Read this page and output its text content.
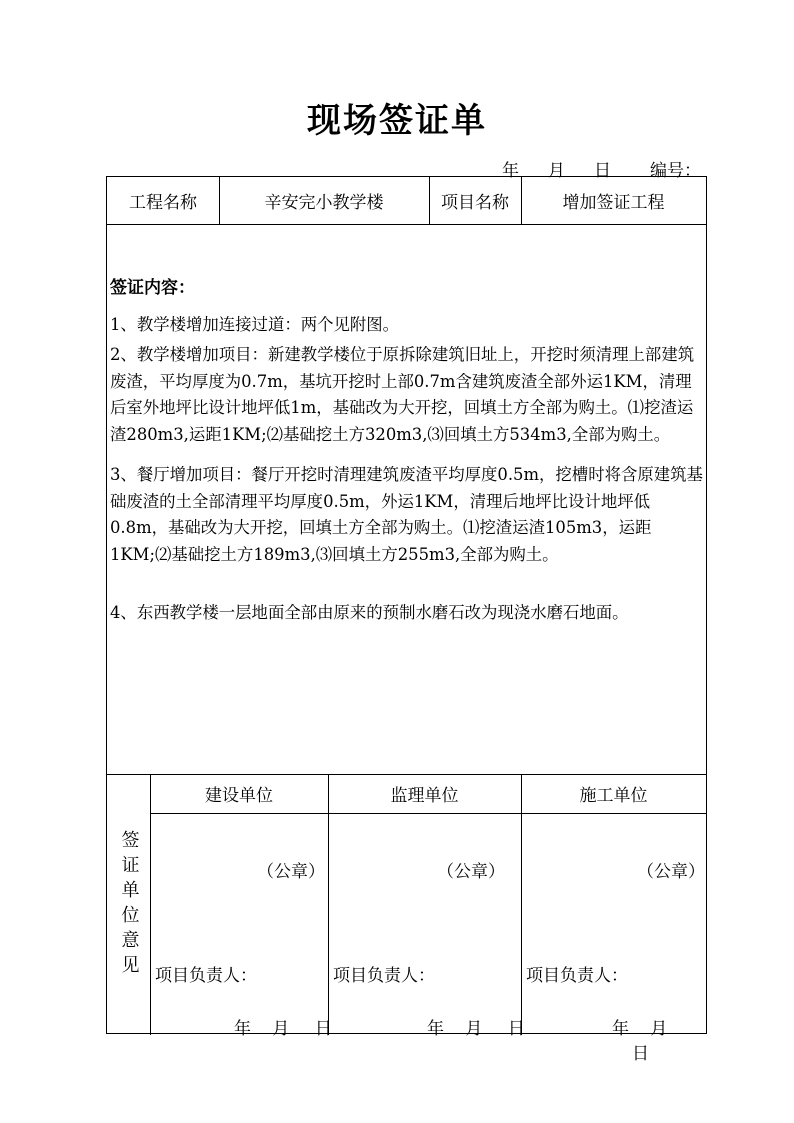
现场签证单
年 月 日 编号：
工程名称	辛安完小教学楼	项目名称	增加签证工程
签证内容：

1、教学楼增加连接过道：两个见附图。

2、教学楼增加项目：新建教学楼位于原拆除建筑旧址上，开挖时须清理上部建筑废渣，平均厚度为0.7m，基坑开挖时上部0.7m含建筑废渣全部外运1KM，清理后室外地坪比设计地坪低1m，基础改为大开挖，回填土方全部为购土。⑴挖渣运渣280m3,运距1KM;⑵基础挖土方320m3,⑶回填土方534m3,全部为购土。

3、餐厅增加项目：餐厅开挖时清理建筑废渣平均厚度0.5m，挖槽时将含原建筑基础废渣的土全部清理平均厚度0.5m，外运1KM，清理后地坪比设计地坪低0.8m，基础改为大开挖，回填土方全部为购土。⑴挖渣运渣105m3，运距1KM;⑵基础挖土方189m3,⑶回填土方255m3,全部为购土。

4、东西教学楼一层地面全部由原来的预制水磨石改为现浇水磨石地面。

签证单位意见
建设单位	监理单位	施工单位
（公章）	（公章）	（公章）
项目负责人：	项目负责人：	项目负责人：
年 月 日	年 月 日	年 月 日
